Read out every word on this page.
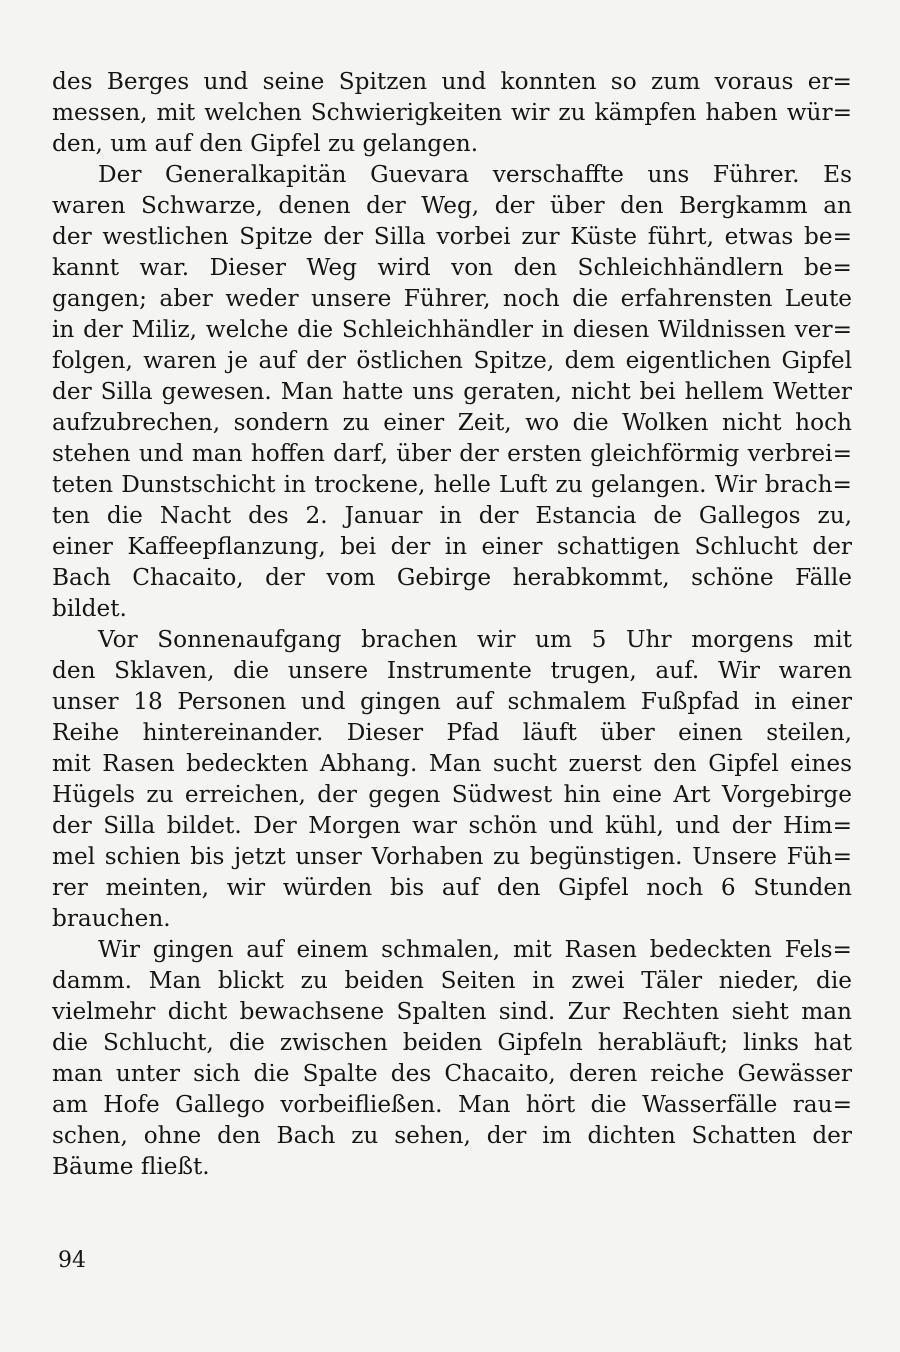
des Berges und seine Spitzen und konnten so zum voraus er=
messen, mit welchen Schwierigkeiten wir zu kämpfen haben wür=
den, um auf den Gipfel zu gelangen.
Der Generalkapitän Guevara verschaffte uns Führer. Es
waren Schwarze, denen der Weg, der über den Bergkamm an
der westlichen Spitze der Silla vorbei zur Küste führt, etwas be=
kannt war. Dieser Weg wird von den Schleichhändlern be=
gangen; aber weder unsere Führer, noch die erfahrensten Leute
in der Miliz, welche die Schleichhändler in diesen Wildnissen ver=
folgen, waren je auf der östlichen Spitze, dem eigentlichen Gipfel
der Silla gewesen. Man hatte uns geraten, nicht bei hellem Wetter
aufzubrechen, sondern zu einer Zeit, wo die Wolken nicht hoch
stehen und man hoffen darf, über der ersten gleichförmig verbrei=
teten Dunstschicht in trockene, helle Luft zu gelangen. Wir brach=
ten die Nacht des 2. Januar in der Estancia de Gallegos zu,
einer Kaffeepflanzung, bei der in einer schattigen Schlucht der
Bach Chacaito, der vom Gebirge herabkommt, schöne Fälle
bildet.
Vor Sonnenaufgang brachen wir um 5 Uhr morgens mit
den Sklaven, die unsere Instrumente trugen, auf. Wir waren
unser 18 Personen und gingen auf schmalem Fußpfad in einer
Reihe hintereinander. Dieser Pfad läuft über einen steilen,
mit Rasen bedeckten Abhang. Man sucht zuerst den Gipfel eines
Hügels zu erreichen, der gegen Südwest hin eine Art Vorgebirge
der Silla bildet. Der Morgen war schön und kühl, und der Him=
mel schien bis jetzt unser Vorhaben zu begünstigen. Unsere Füh=
rer meinten, wir würden bis auf den Gipfel noch 6 Stunden
brauchen.
Wir gingen auf einem schmalen, mit Rasen bedeckten Fels=
damm. Man blickt zu beiden Seiten in zwei Täler nieder, die
vielmehr dicht bewachsene Spalten sind. Zur Rechten sieht man
die Schlucht, die zwischen beiden Gipfeln herabläuft; links hat
man unter sich die Spalte des Chacaito, deren reiche Gewässer
am Hofe Gallego vorbeifließen. Man hört die Wasserfälle rau=
schen, ohne den Bach zu sehen, der im dichten Schatten der
Bäume fließt.
94
